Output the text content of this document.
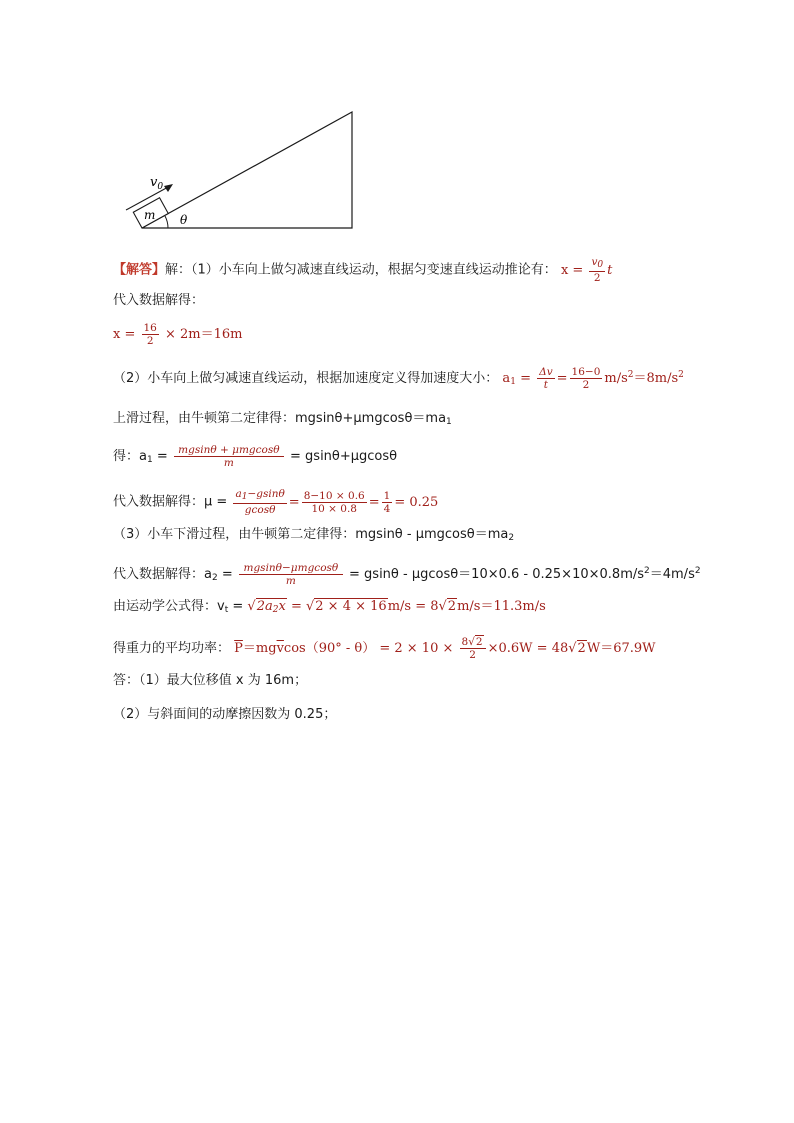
m
$v_0$
θ
【解答】解：（1）小车向上做匀减速直线运动，根据匀变速直线运动推论有： $x = \frac{v_0}{2}$ t
代入数据解得：
$x = \frac{16}{2} \times 2m=16m$
（2）小车向上做匀减速直线运动，根据加速度定义得加速度大小： $a_1 = \frac{\Delta v}{t} = \frac{16-0}{2} m/s^2=8m/s^2$
上滑过程，由牛顿第二定律得：$mgsin\theta+\mu mgcos\theta=ma_1$
得：$a_1 = \frac{\text{mgsinθ + μmgcosθ}}{m} = gsin\theta+\mu gcos\theta$
代入数据解得：$\mu = \frac{a_1-gsin\theta}{gcos\theta} = \frac{8-10 \times 0.6}{10 \times 0.8} = \frac{1}{4} = 0.25$
（3）小车下滑过程，由牛顿第二定律得：$mgsin\theta - \mu mgcos\theta=ma_2$
代入数据解得：$a_2 = \frac{\text{mgsinθ−μmgcosθ}}{m} = gsin\theta - \mu gcos\theta=10\times 0.6 - 0.25\times 10\times 0.8m/s^2=4m/s^2$
由运动学公式得：$v_t = √2a_2x = √2 \times 4 \times 16m/s = 8√2m/s=11.3m/s$
得重力的平均功率： $\overline{P}=mg\overline{v}\cos(90^\circ - \theta) = 2 \times 10 \times \frac{8√2}{2} \times 0.6W = 48√2W=67.9W$
答：（1）最大位移值 x 为 16m；
（2）与斜面间的动摩擦因数为 0.25；
